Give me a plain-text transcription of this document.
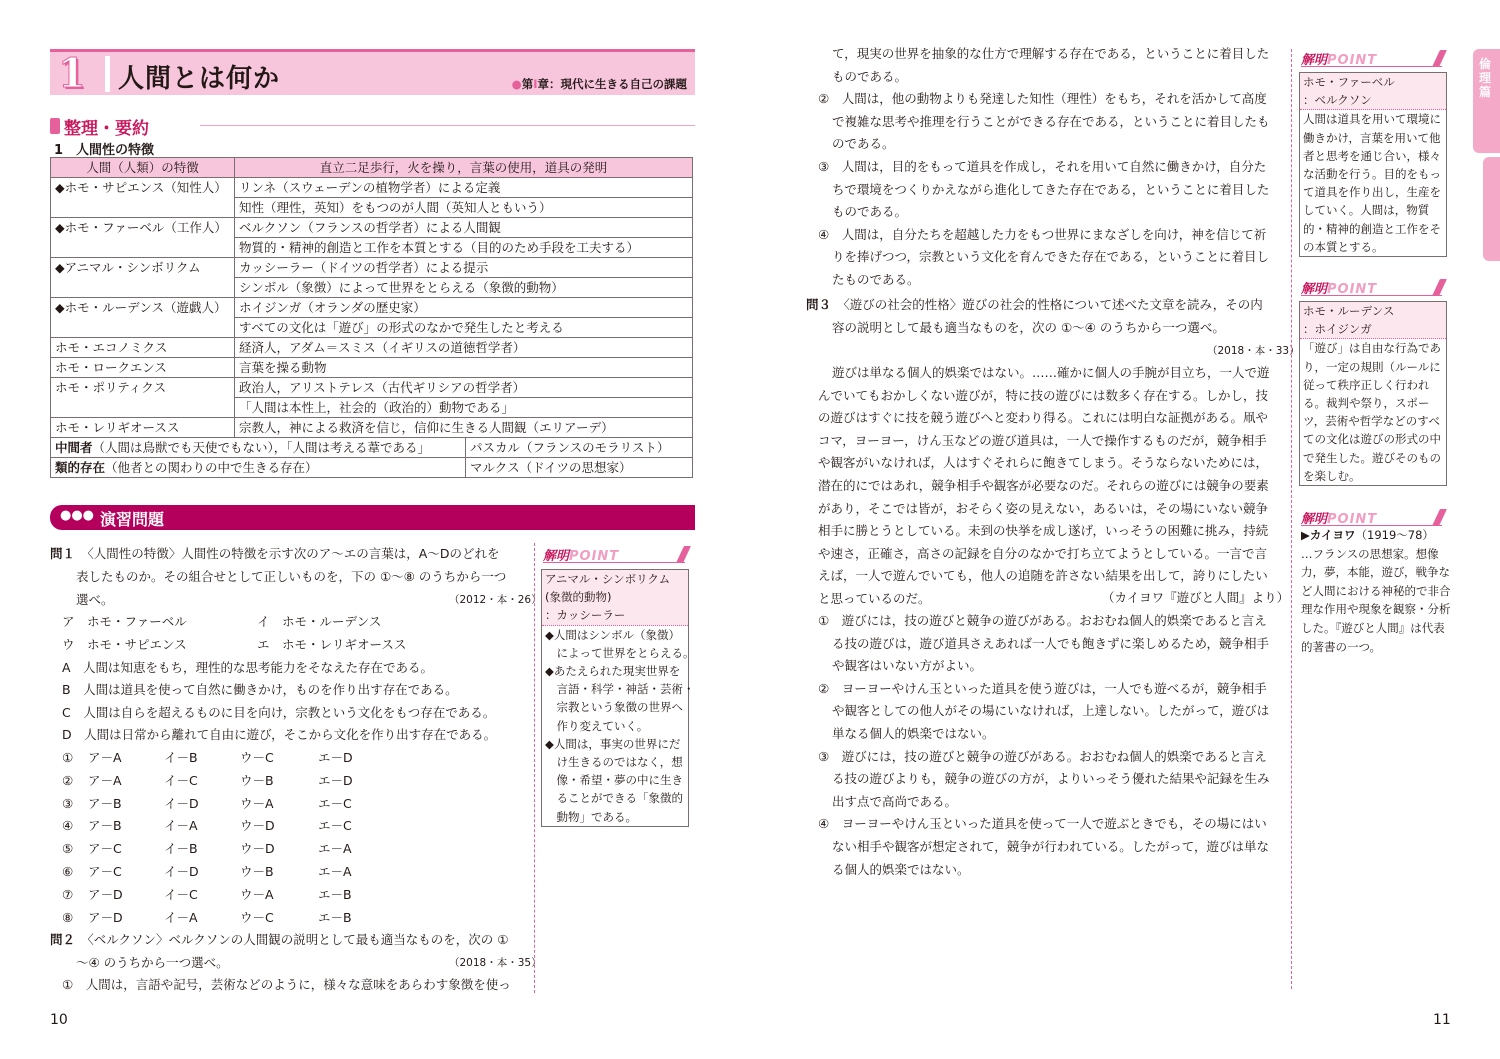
1 人間とは何か	●第Ⅰ章：現代に生きる自己の課題
整理・要約
1　人間性の特徴
人間（人類）の特徴	直立二足歩行，火を操り，言葉の使用，道具の発明	
◆ホモ・サピエンス（知性人）	リンネ（スウェーデンの植物学者）による定義	
	知性（理性，英知）をもつのが人間（英知人ともいう）	
◆ホモ・ファーベル（工作人）	ベルクソン（フランスの哲学者）による人間観	
	物質的・精神的創造と工作を本質とする（目的のため手段を工夫する）	
◆アニマル・シンボリクム	カッシーラー（ドイツの哲学者）による提示	
	シンボル（象徴）によって世界をとらえる（象徴的動物）	
◆ホモ・ルーデンス（遊戯人）	ホイジンガ（オランダの歴史家）	
	すべての文化は「遊び」の形式のなかで発生したと考える	
ホモ・エコノミクス	経済人，アダム＝スミス（イギリスの道徳哲学者）	
ホモ・ロークエンス	言葉を操る動物	
ホモ・ポリティクス	政治人，アリストテレス（古代ギリシアの哲学者）	
	「人間は本性上，社会的（政治的）動物である」	
ホモ・レリギオースス	宗教人，神による救済を信じ，信仰に生きる人間観（エリアーデ）	
中間者（人間は鳥獣でも天使でもない），「人間は考える葦である」		パスカル（フランスのモラリスト）
類的存在（他者との関わりの中で生きる存在）		マルクス（ドイツの思想家）
●●● 演習問題
問１　 〈人間性の特徴〉人間性の特徴を示す次のア～エの言葉は，A～Dのどれを
表したものか。その組合せとして正しいものを，下の ①～⑧ のうちから一つ
選べ。	（2012・本・26）
ア　ホモ・ファーベル	イ　ホモ・ルーデンス
ウ　ホモ・サピエンス	エ　ホモ・レリギオースス
A　人間は知恵をもち，理性的な思考能力をそなえた存在である。
B　人間は道具を使って自然に働きかけ，ものを作り出す存在である。
C　人間は自らを超えるものに目を向け，宗教という文化をもつ存在である。
D　人間は日常から離れて自由に遊び，そこから文化を作り出す存在である。
① ア－A	イ－B	ウ－C	エ－D
② ア－A	イ－C	ウ－B	エ－D
③ ア－B	イ－D	ウ－A	エ－C
④ ア－B	イ－A	ウ－D	エ－C
⑤ ア－C	イ－B	ウ－D	エ－A
⑥ ア－C	イ－D	ウ－B	エ－A
⑦ ア－D	イ－C	ウ－A	エ－B
⑧ ア－D	イ－A	ウ－C	エ－B
問２　 〈ベルクソン〉ベルクソンの人間観の説明として最も適当なものを，次の ①
～④ のうちから一つ選べ。	（2018・本・35）
①　人間は，言語や記号，芸術などのように，様々な意味をあらわす象徴を使っ
解明POINT
アニマル・シンボリクム
(象徴的動物)
：カッシーラー
◆人間はシンボル（象徴）
　によって世界をとらえる。
◆あたえられた現実世界を
　言語・科学・神話・芸術・
　宗教という象徴の世界へ
　作り変えていく。
◆人間は，事実の世界にだ
　け生きるのではなく，想
　像・希望・夢の中に生き
　ることができる「象徴的
　動物」である。
10
て，現実の世界を抽象的な仕方で理解する存在である，ということに着目した
ものである。
②　人間は，他の動物よりも発達した知性（理性）をもち，それを活かして高度
で複雑な思考や推理を行うことができる存在である，ということに着目したも
のである。
③　人間は，目的をもって道具を作成し，それを用いて自然に働きかけ，自分た
ちで環境をつくりかえながら進化してきた存在である，ということに着目した
ものである。
④　人間は，自分たちを超越した力をもつ世界にまなざしを向け，神を信じて祈
りを捧げつつ，宗教という文化を育んできた存在である，ということに着目し
たものである。
問３　 〈遊びの社会的性格〉遊びの社会的性格について述べた文章を読み，その内
容の説明として最も適当なものを，次の ①～④ のうちから一つ選べ。
（2018・本・33）
遊びは単なる個人的娯楽ではない。……確かに個人の手腕が目立ち，一人で遊
んでいてもおかしくない遊びが，特に技の遊びには数多く存在する。しかし，技
の遊びはすぐに技を競う遊びへと変わり得る。これには明白な証拠がある。凧や
コマ，ヨーヨー，けん玉などの遊び道具は，一人で操作するものだが，競争相手
や観客がいなければ，人はすぐそれらに飽きてしまう。そうならないためには，
潜在的にではあれ，競争相手や観客が必要なのだ。それらの遊びには競争の要素
があり，そこでは皆が，おそらく姿の見えない，あるいは，その場にいない競争
相手に勝とうとしている。未到の快挙を成し遂げ，いっそうの困難に挑み，持続
や速さ，正確さ，高さの記録を自分のなかで打ち立てようとしている。一言で言
えば，一人で遊んでいても，他人の追随を許さない結果を出して，誇りにしたい
と思っているのだ。	（カイヨワ『遊びと人間』より）
①　遊びには，技の遊びと競争の遊びがある。おおむね個人的娯楽であると言え
る技の遊びは，遊び道具さえあれば一人でも飽きずに楽しめるため，競争相手
や観客はいない方がよい。
②　ヨーヨーやけん玉といった道具を使う遊びは，一人でも遊べるが，競争相手
や観客としての他人がその場にいなければ，上達しない。したがって，遊びは
単なる個人的娯楽ではない。
③　遊びには，技の遊びと競争の遊びがある。おおむね個人的娯楽であると言え
る技の遊びよりも，競争の遊びの方が，よりいっそう優れた結果や記録を生み
出す点で高尚である。
④　ヨーヨーやけん玉といった道具を使って一人で遊ぶときでも，その場にはい
ない相手や観客が想定されて，競争が行われている。したがって，遊びは単な
る個人的娯楽ではない。
解明POINT
ホモ・ファーベル
：ベルクソン
人間は道具を用いて環境に
働きかけ，言葉を用いて他
者と思考を通じ合い，様々
な活動を行う。目的をもっ
て道具を作り出し，生産を
していく。人間は，物質
的・精神的創造と工作をそ
の本質とする。
解明POINT
ホモ・ルーデンス
：ホイジンガ
「遊び」は自由な行為であ
り，一定の規則（ルールに
従って秩序正しく行われ
る。裁判や祭り，スポー
ツ，芸術や哲学などのすべ
ての文化は遊びの形式の中
で発生した。遊びそのもの
を楽しむ。
解明POINT
▶カイヨワ（1919～78）
…フランスの思想家。想像
力，夢，本能，遊び，戦争な
ど人間における神秘的で非合
理な作用や現象を観察・分析
した。『遊びと人間』は代表
的著書の一つ。
倫理篇
11
